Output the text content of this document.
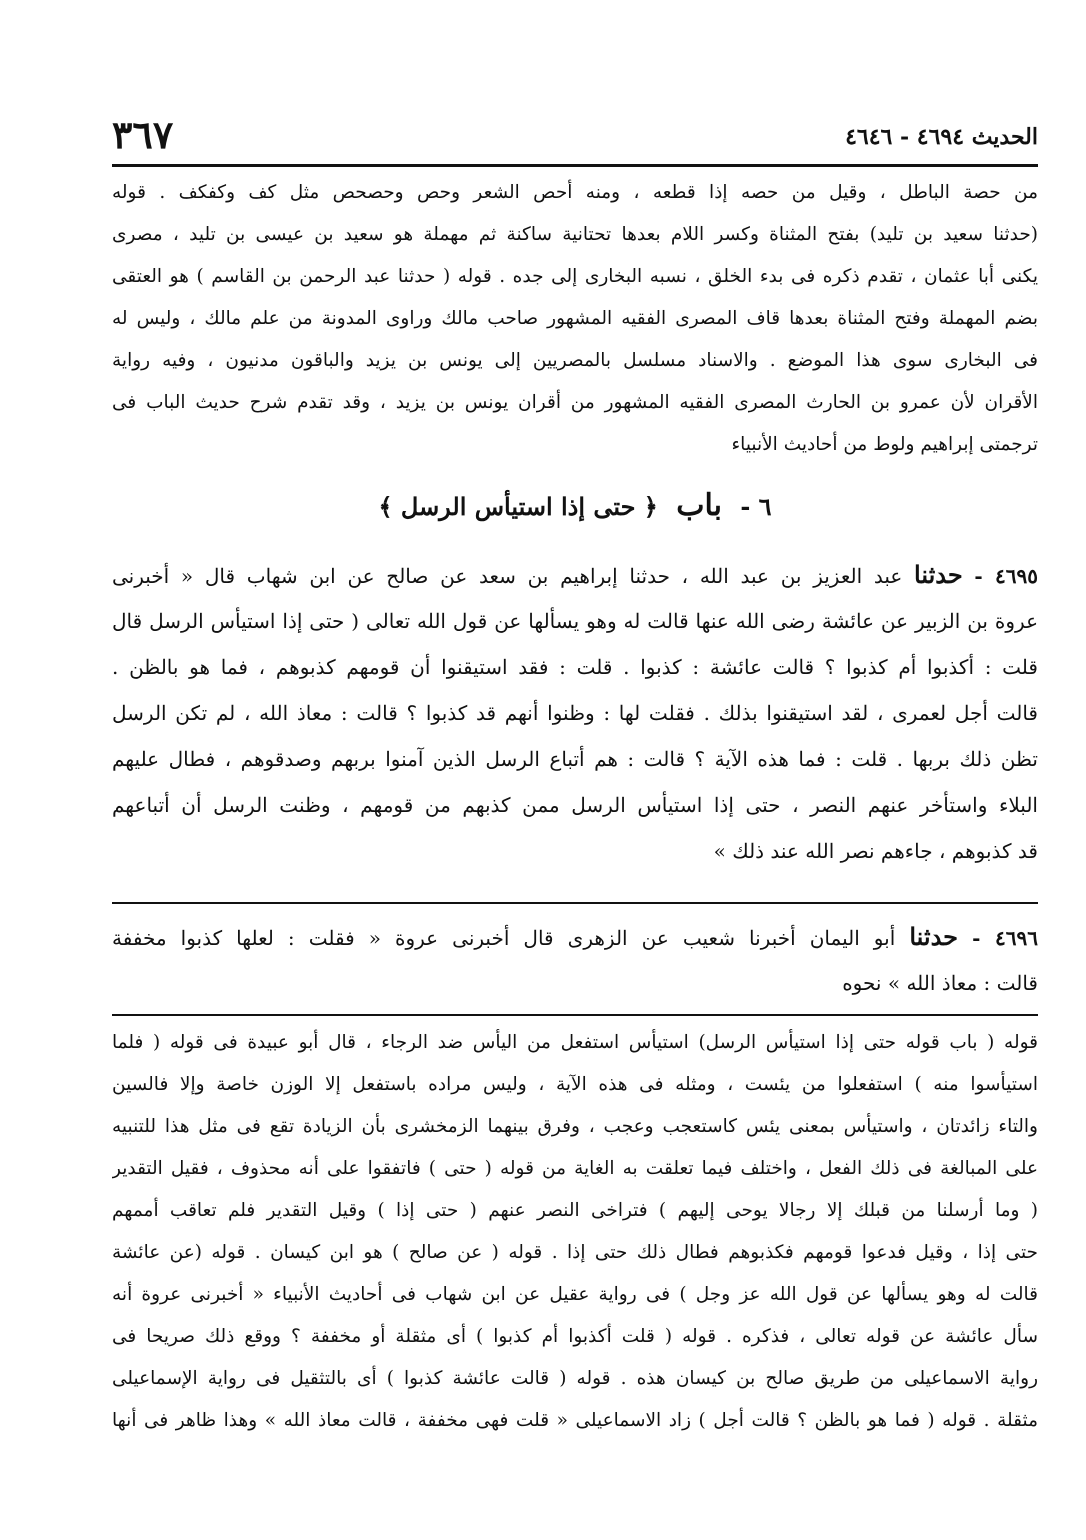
الحديث ٤٦٩٤ - ٤٦٤٦
٣٦٧
من حصة الباطل ، وقيل من حصه إذا قطعه ، ومنه أحص الشعر وحص وحصحص مثل كف وكفكف . قوله
(حدثنا سعيد بن تليد) بفتح المثناة وكسر اللام بعدها تحتانية ساكنة ثم مهملة هو سعيد بن عيسى بن تليد ، مصرى
يكنى أبا عثمان ، تقدم ذكره فى بدء الخلق ، نسبه البخارى إلى جده . قوله ( حدثنا عبد الرحمن بن القاسم ) هو العتقى
بضم المهملة وفتح المثناة بعدها قاف المصرى الفقيه المشهور صاحب مالك وراوى المدونة من علم مالك ، وليس له
فى البخارى سوى هذا الموضع . والاسناد مسلسل بالمصريين إلى يونس بن يزيد والباقون مدنيون ، وفيه رواية
الأقران لأن عمرو بن الحارث المصرى الفقيه المشهور من أقران يونس بن يزيد ، وقد تقدم شرح حديث الباب فى
ترجمتى إبراهيم ولوط من أحاديث الأنبياء
٦ - باب ﴿ حتى إذا استيأس الرسل ﴾
٤٦٩٥ - حدثنا عبد العزيز بن عبد الله ، حدثنا إبراهيم بن سعد عن صالح عن ابن شهاب قال « أخبرنى
عروة بن الزبير عن عائشة رضى الله عنها قالت له وهو يسألها عن قول الله تعالى ( حتى إذا استيأس الرسل قال
قلت : أكذبوا أم كذبوا ؟ قالت عائشة : كذبوا . قلت : فقد استيقنوا أن قومهم كذبوهم ، فما هو بالظن .
قالت أجل لعمرى ، لقد استيقنوا بذلك . فقلت لها : وظنوا أنهم قد كذبوا ؟ قالت : معاذ الله ، لم تكن الرسل
تظن ذلك بربها . قلت : فما هذه الآية ؟ قالت : هم أتباع الرسل الذين آمنوا بربهم وصدقوهم ، فطال عليهم
البلاء واستأخر عنهم النصر ، حتى إذا استيأس الرسل ممن كذبهم من قومهم ، وظنت الرسل أن أتباعهم
قد كذبوهم ، جاءهم نصر الله عند ذلك »
٤٦٩٦ - حدثنا أبو اليمان أخبرنا شعيب عن الزهرى قال أخبرنى عروة « فقلت : لعلها كذبوا مخففة
قالت : معاذ الله » نحوه
قوله ( باب قوله حتى إذا استيأس الرسل) استيأس استفعل من اليأس ضد الرجاء ، قال أبو عبيدة فى قوله ( فلما
استيأسوا منه ) استفعلوا من يئست ، ومثله فى هذه الآية ، وليس مراده باستفعل إلا الوزن خاصة وإلا فالسين
والتاء زائدتان ، واستيأس بمعنى يئس كاستعجب وعجب ، وفرق بينهما الزمخشرى بأن الزيادة تقع فى مثل هذا للتنبيه
على المبالغة فى ذلك الفعل ، واختلف فيما تعلقت به الغاية من قوله ( حتى ) فاتفقوا على أنه محذوف ، فقيل التقدير
( وما أرسلنا من قبلك إلا رجالا يوحى إليهم ) فتراخى النصر عنهم ( حتى إذا ) وقيل التقدير فلم تعاقب أممهم
حتى إذا ، وقيل فدعوا قومهم فكذبوهم فطال ذلك حتى إذا . قوله ( عن صالح ) هو ابن كيسان . قوله (عن عائشة
قالت له وهو يسألها عن قول الله عز وجل ) فى رواية عقيل عن ابن شهاب فى أحاديث الأنبياء « أخبرنى عروة أنه
سأل عائشة عن قوله تعالى ، فذكره . قوله ( قلت أكذبوا أم كذبوا ) أى مثقلة أو مخففة ؟ ووقع ذلك صريحا فى
رواية الاسماعيلى من طريق صالح بن كيسان هذه . قوله ( قالت عائشة كذبوا ) أى بالتثقيل فى رواية الإسماعيلى
مثقلة . قوله ( فما هو بالظن ؟ قالت أجل ) زاد الاسماعيلى « قلت فهى مخففة ، قالت معاذ الله » وهذا ظاهر فى أنها
